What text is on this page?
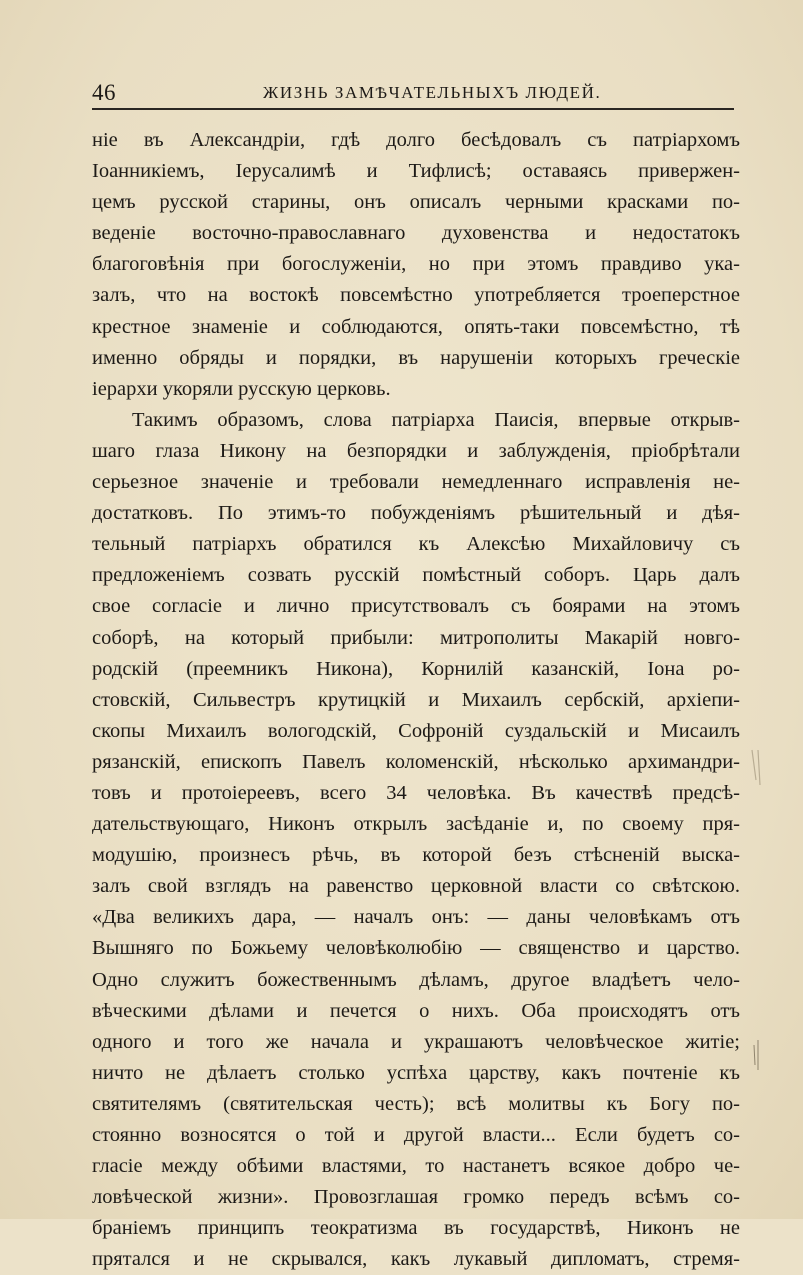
46	ЖИЗНЬ ЗАМѢЧАТЕЛЬНЫХЪ ЛЮДЕЙ.
ніе въ Александріи, гдѣ долго бесѣдовалъ съ патріархомъ
Іоанникіемъ, Іерусалимѣ и Тифлисѣ; оставаясь привержен-
цемъ русской старины, онъ описалъ черными красками по-
веденіе восточно-православнаго духовенства и недостатокъ
благоговѣнія при богослуженіи, но при этомъ правдиво ука-
залъ, что на востокѣ повсемѣстно употребляется троеперстное
крестное знаменіе и соблюдаются, опять-таки повсемѣстно, тѣ
именно обряды и порядки, въ нарушеніи которыхъ греческіе
іерархи укоряли русскую церковь.
Такимъ образомъ, слова патріарха Паисія, впервые открыв-
шаго глаза Никону на безпорядки и заблужденія, пріобрѣтали
серьезное значеніе и требовали немедленнаго исправленія не-
достатковъ. По этимъ-то побужденіямъ рѣшительный и дѣя-
тельный патріархъ обратился къ Алексѣю Михайловичу съ
предложеніемъ созвать русскій помѣстный соборъ. Царь далъ
свое согласіе и лично присутствовалъ съ боярами на этомъ
соборѣ, на который прибыли: митрополиты Макарій новго-
родскій (преемникъ Никона), Корнилій казанскій, Іона ро-
стовскій, Сильвестръ крутицкій и Михаилъ сербскій, архіепи-
скопы Михаилъ вологодскій, Софроній суздальскій и Мисаилъ
рязанскій, епископъ Павелъ коломенскій, нѣсколько архимандри-
товъ и протоіереевъ, всего 34 человѣка. Въ качествѣ предсѣ-
дательствующаго, Никонъ открылъ засѣданіе и, по своему пря-
модушію, произнесъ рѣчь, въ которой безъ стѣсненій выска-
залъ свой взглядъ на равенство церковной власти со свѣтскою.
«Два великихъ дара, — началъ онъ: — даны человѣкамъ отъ
Вышняго по Божьему человѣколюбію — священство и царство.
Одно служитъ божественнымъ дѣламъ, другое владѣетъ чело-
вѣческими дѣлами и печется о нихъ. Оба происходятъ отъ
одного и того же начала и украшаютъ человѣческое житіе;
ничто не дѣлаетъ столько успѣха царству, какъ почтеніе къ
святителямъ (святительская честь); всѣ молитвы къ Богу по-
стоянно возносятся о той и другой власти... Если будетъ со-
гласіе между обѣими властями, то настанетъ всякое добро че-
ловѣческой жизни». Провозглашая громко передъ всѣмъ со-
браніемъ принципъ теократизма въ государствѣ, Никонъ не
прятался и не скрывался, какъ лукавый дипломатъ, стремя-
